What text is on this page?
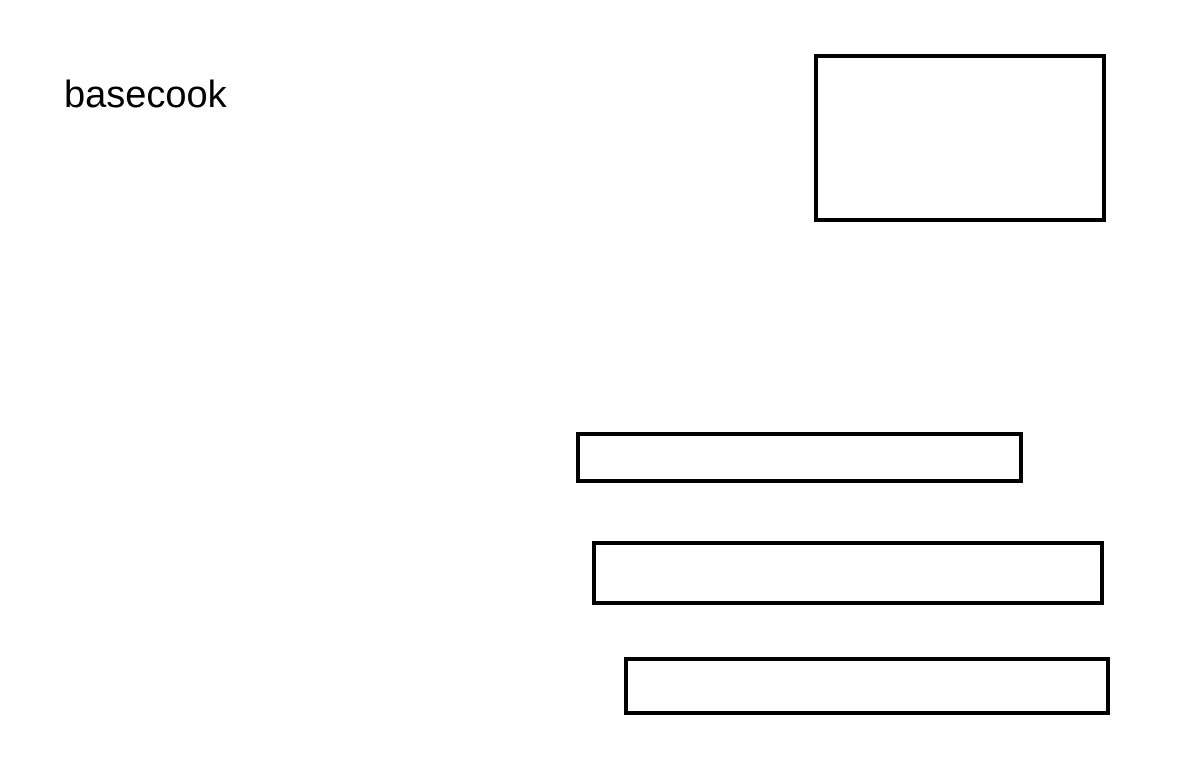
basecook
